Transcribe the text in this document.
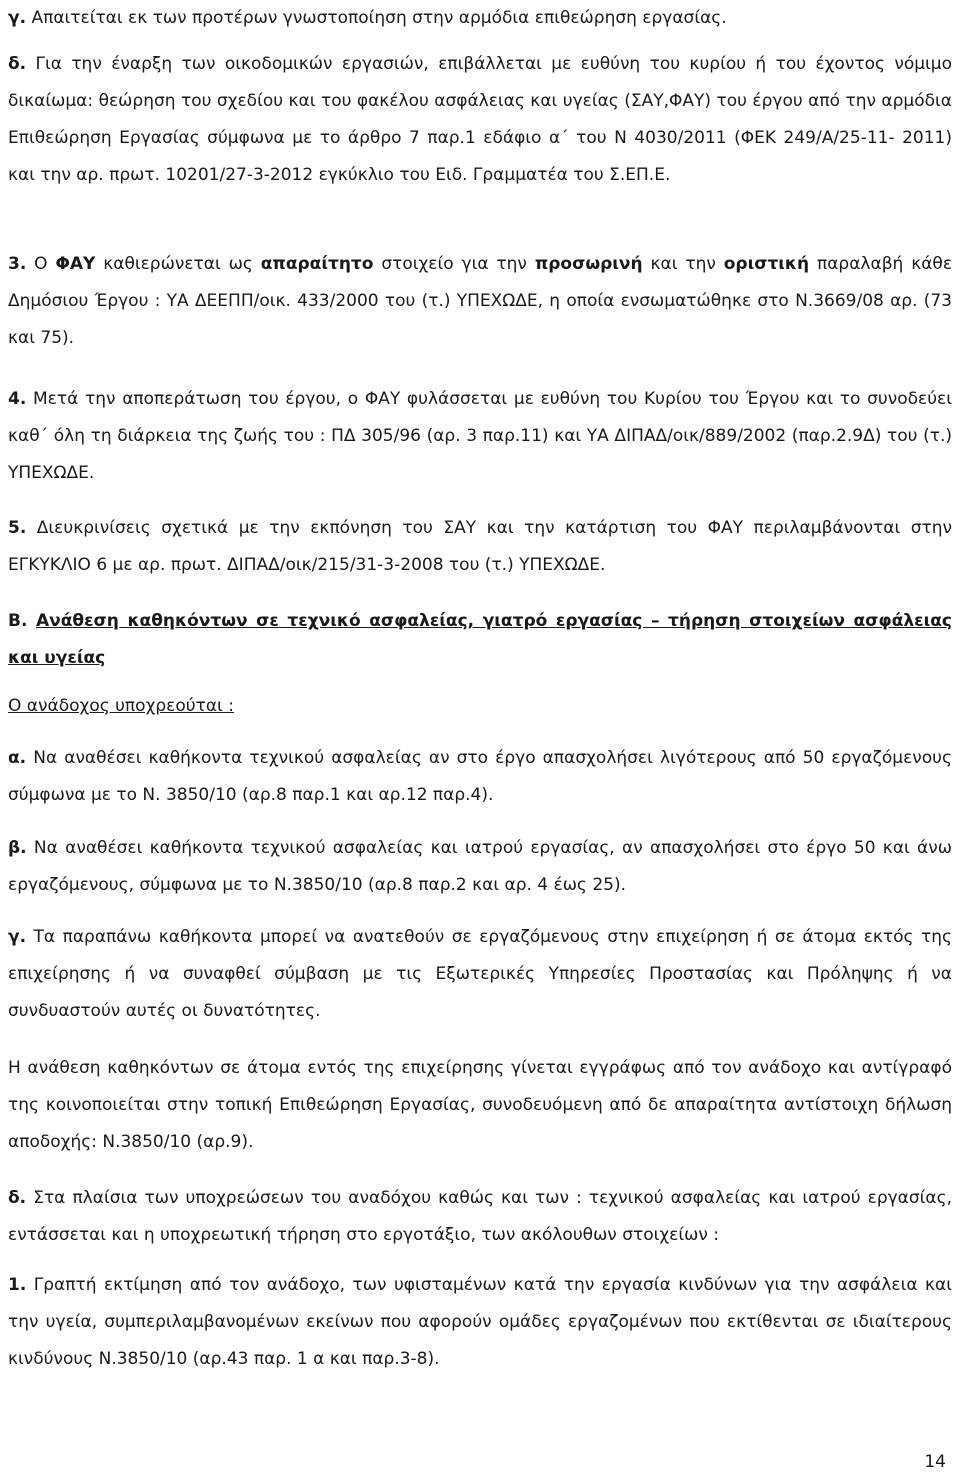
γ. Απαιτείται εκ των προτέρων γνωστοποίηση στην αρμόδια επιθεώρηση εργασίας.

δ. Για την έναρξη των οικοδομικών εργασιών, επιβάλλεται με ευθύνη του κυρίου ή του έχοντος νόμιμο δικαίωμα: θεώρηση του σχεδίου και του φακέλου ασφάλειας και υγείας (ΣΑΥ,ΦΑΥ) του έργου από την αρμόδια Επιθεώρηση Εργασίας σύμφωνα με το άρθρο 7 παρ.1 εδάφιο α΄ του Ν 4030/2011 (ΦΕΚ 249/Α/25-11- 2011) και την αρ. πρωτ. 10201/27-3-2012 εγκύκλιο του Ειδ. Γραμματέα του Σ.ΕΠ.Ε.

3. Ο ΦΑΥ καθιερώνεται ως απαραίτητο στοιχείο για την προσωρινή και την οριστική παραλαβή κάθε Δημόσιου Έργου : ΥΑ ΔΕΕΠΠ/οικ. 433/2000 του (τ.) ΥΠΕΧΩΔΕ, η οποία ενσωματώθηκε στο Ν.3669/08 αρ. (73 και 75).

4. Μετά την αποπεράτωση του έργου, ο ΦΑΥ φυλάσσεται με ευθύνη του Κυρίου του Έργου και το συνοδεύει καθ΄ όλη τη διάρκεια της ζωής του : ΠΔ 305/96 (αρ. 3 παρ.11) και ΥΑ ΔΙΠΑΔ/οικ/889/2002 (παρ.2.9Δ) του (τ.) ΥΠΕΧΩΔΕ.

5. Διευκρινίσεις σχετικά με την εκπόνηση του ΣΑΥ και την κατάρτιση του ΦΑΥ περιλαμβάνονται στην ΕΓΚΥΚΛΙΟ 6 με αρ. πρωτ. ΔΙΠΑΔ/οικ/215/31-3-2008 του (τ.) ΥΠΕΧΩΔΕ.

Β. Ανάθεση καθηκόντων σε τεχνικό ασφαλείας, γιατρό εργασίας – τήρηση στοιχείων ασφάλειας και υγείας

Ο ανάδοχος υποχρεούται :

α. Να αναθέσει καθήκοντα τεχνικού ασφαλείας αν στο έργο απασχολήσει λιγότερους από 50 εργαζόμενους σύμφωνα με το Ν. 3850/10 (αρ.8 παρ.1 και αρ.12 παρ.4).

β. Να αναθέσει καθήκοντα τεχνικού ασφαλείας και ιατρού εργασίας, αν απασχολήσει στο έργο 50 και άνω εργαζόμενους, σύμφωνα με το Ν.3850/10 (αρ.8 παρ.2 και αρ. 4 έως 25).

γ. Τα παραπάνω καθήκοντα μπορεί να ανατεθούν σε εργαζόμενους στην επιχείρηση ή σε άτομα εκτός της επιχείρησης ή να συναφθεί σύμβαση με τις Εξωτερικές Υπηρεσίες Προστασίας και Πρόληψης ή να συνδυαστούν αυτές οι δυνατότητες.

Η ανάθεση καθηκόντων σε άτομα εντός της επιχείρησης γίνεται εγγράφως από τον ανάδοχο και αντίγραφό της κοινοποιείται στην τοπική Επιθεώρηση Εργασίας, συνοδευόμενη από δε απαραίτητα αντίστοιχη δήλωση αποδοχής: Ν.3850/10 (αρ.9).

δ. Στα πλαίσια των υποχρεώσεων του αναδόχου καθώς και των : τεχνικού ασφαλείας και ιατρού εργασίας, εντάσσεται και η υποχρεωτική τήρηση στο εργοτάξιο, των ακόλουθων στοιχείων :

1. Γραπτή εκτίμηση από τον ανάδοχο, των υφισταμένων κατά την εργασία κινδύνων για την ασφάλεια και την υγεία, συμπεριλαμβανομένων εκείνων που αφορούν ομάδες εργαζομένων που εκτίθενται σε ιδιαίτερους κινδύνους Ν.3850/10 (αρ.43 παρ. 1 α και παρ.3-8).

14
